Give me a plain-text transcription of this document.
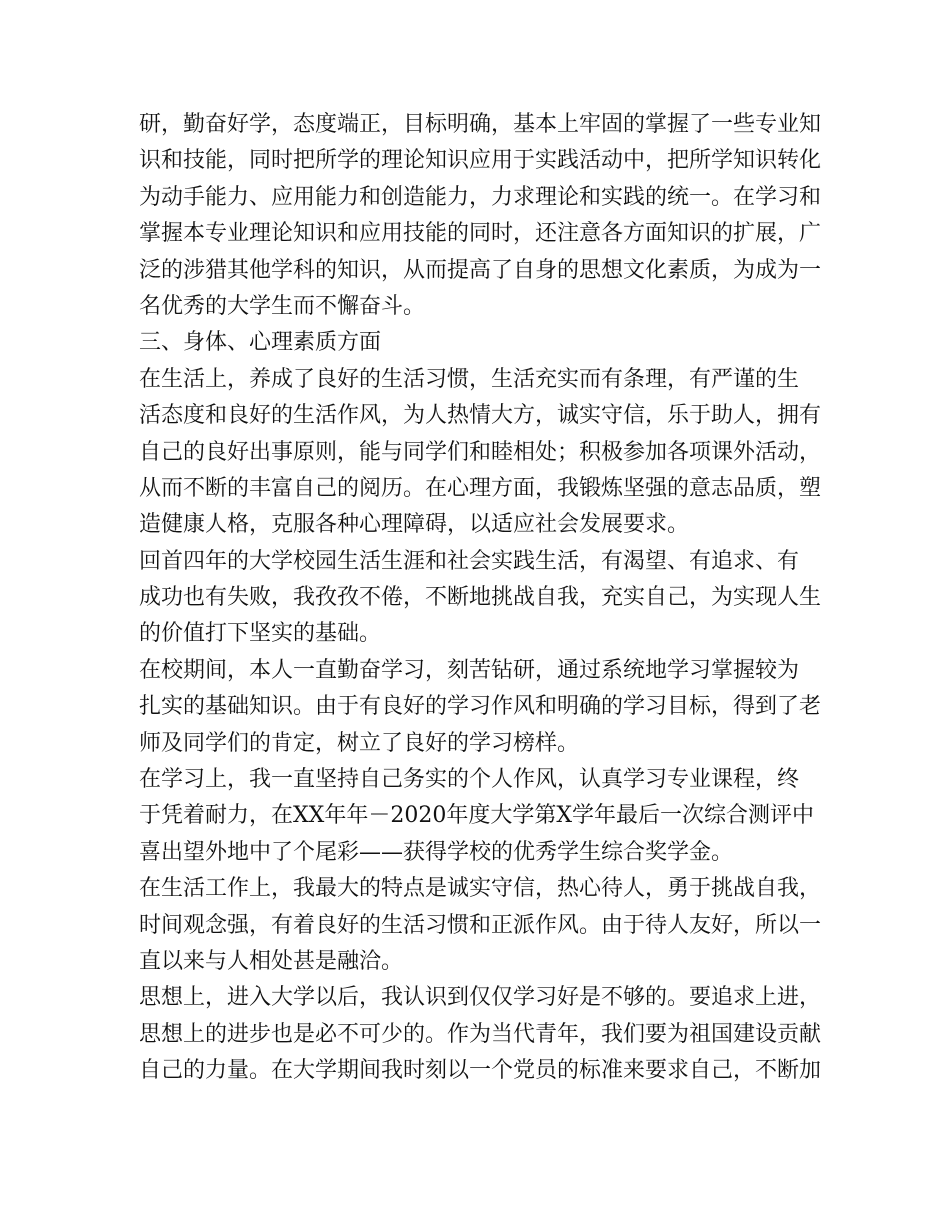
研，勤奋好学，态度端正，目标明确，基本上牢固的掌握了一些专业知
识和技能，同时把所学的理论知识应用于实践活动中，把所学知识转化
为动手能力、应用能力和创造能力，力求理论和实践的统一。在学习和
掌握本专业理论知识和应用技能的同时，还注意各方面知识的扩展，广
泛的涉猎其他学科的知识，从而提高了自身的思想文化素质，为成为一
名优秀的大学生而不懈奋斗。
三、身体、心理素质方面
在生活上，养成了良好的生活习惯，生活充实而有条理，有严谨的生
活态度和良好的生活作风，为人热情大方，诚实守信，乐于助人，拥有
自己的良好出事原则，能与同学们和睦相处；积极参加各项课外活动，
从而不断的丰富自己的阅历。在心理方面，我锻炼坚强的意志品质，塑
造健康人格，克服各种心理障碍，以适应社会发展要求。
回首四年的大学校园生活生涯和社会实践生活，有渴望、有追求、有
成功也有失败，我孜孜不倦，不断地挑战自我，充实自己，为实现人生
的价值打下坚实的基础。
在校期间，本人一直勤奋学习，刻苦钻研，通过系统地学习掌握较为
扎实的基础知识。由于有良好的学习作风和明确的学习目标，得到了老
师及同学们的肯定，树立了良好的学习榜样。
在学习上，我一直坚持自己务实的个人作风，认真学习专业课程，终
于凭着耐力，在XX年年－2020年度大学第X学年最后一次综合测评中
喜出望外地中了个尾彩——获得学校的优秀学生综合奖学金。
在生活工作上，我最大的特点是诚实守信，热心待人，勇于挑战自我，
时间观念强，有着良好的生活习惯和正派作风。由于待人友好，所以一
直以来与人相处甚是融洽。
思想上，进入大学以后，我认识到仅仅学习好是不够的。要追求上进，
思想上的进步也是必不可少的。作为当代青年，我们要为祖国建设贡献
自己的力量。在大学期间我时刻以一个党员的标准来要求自己，不断加
